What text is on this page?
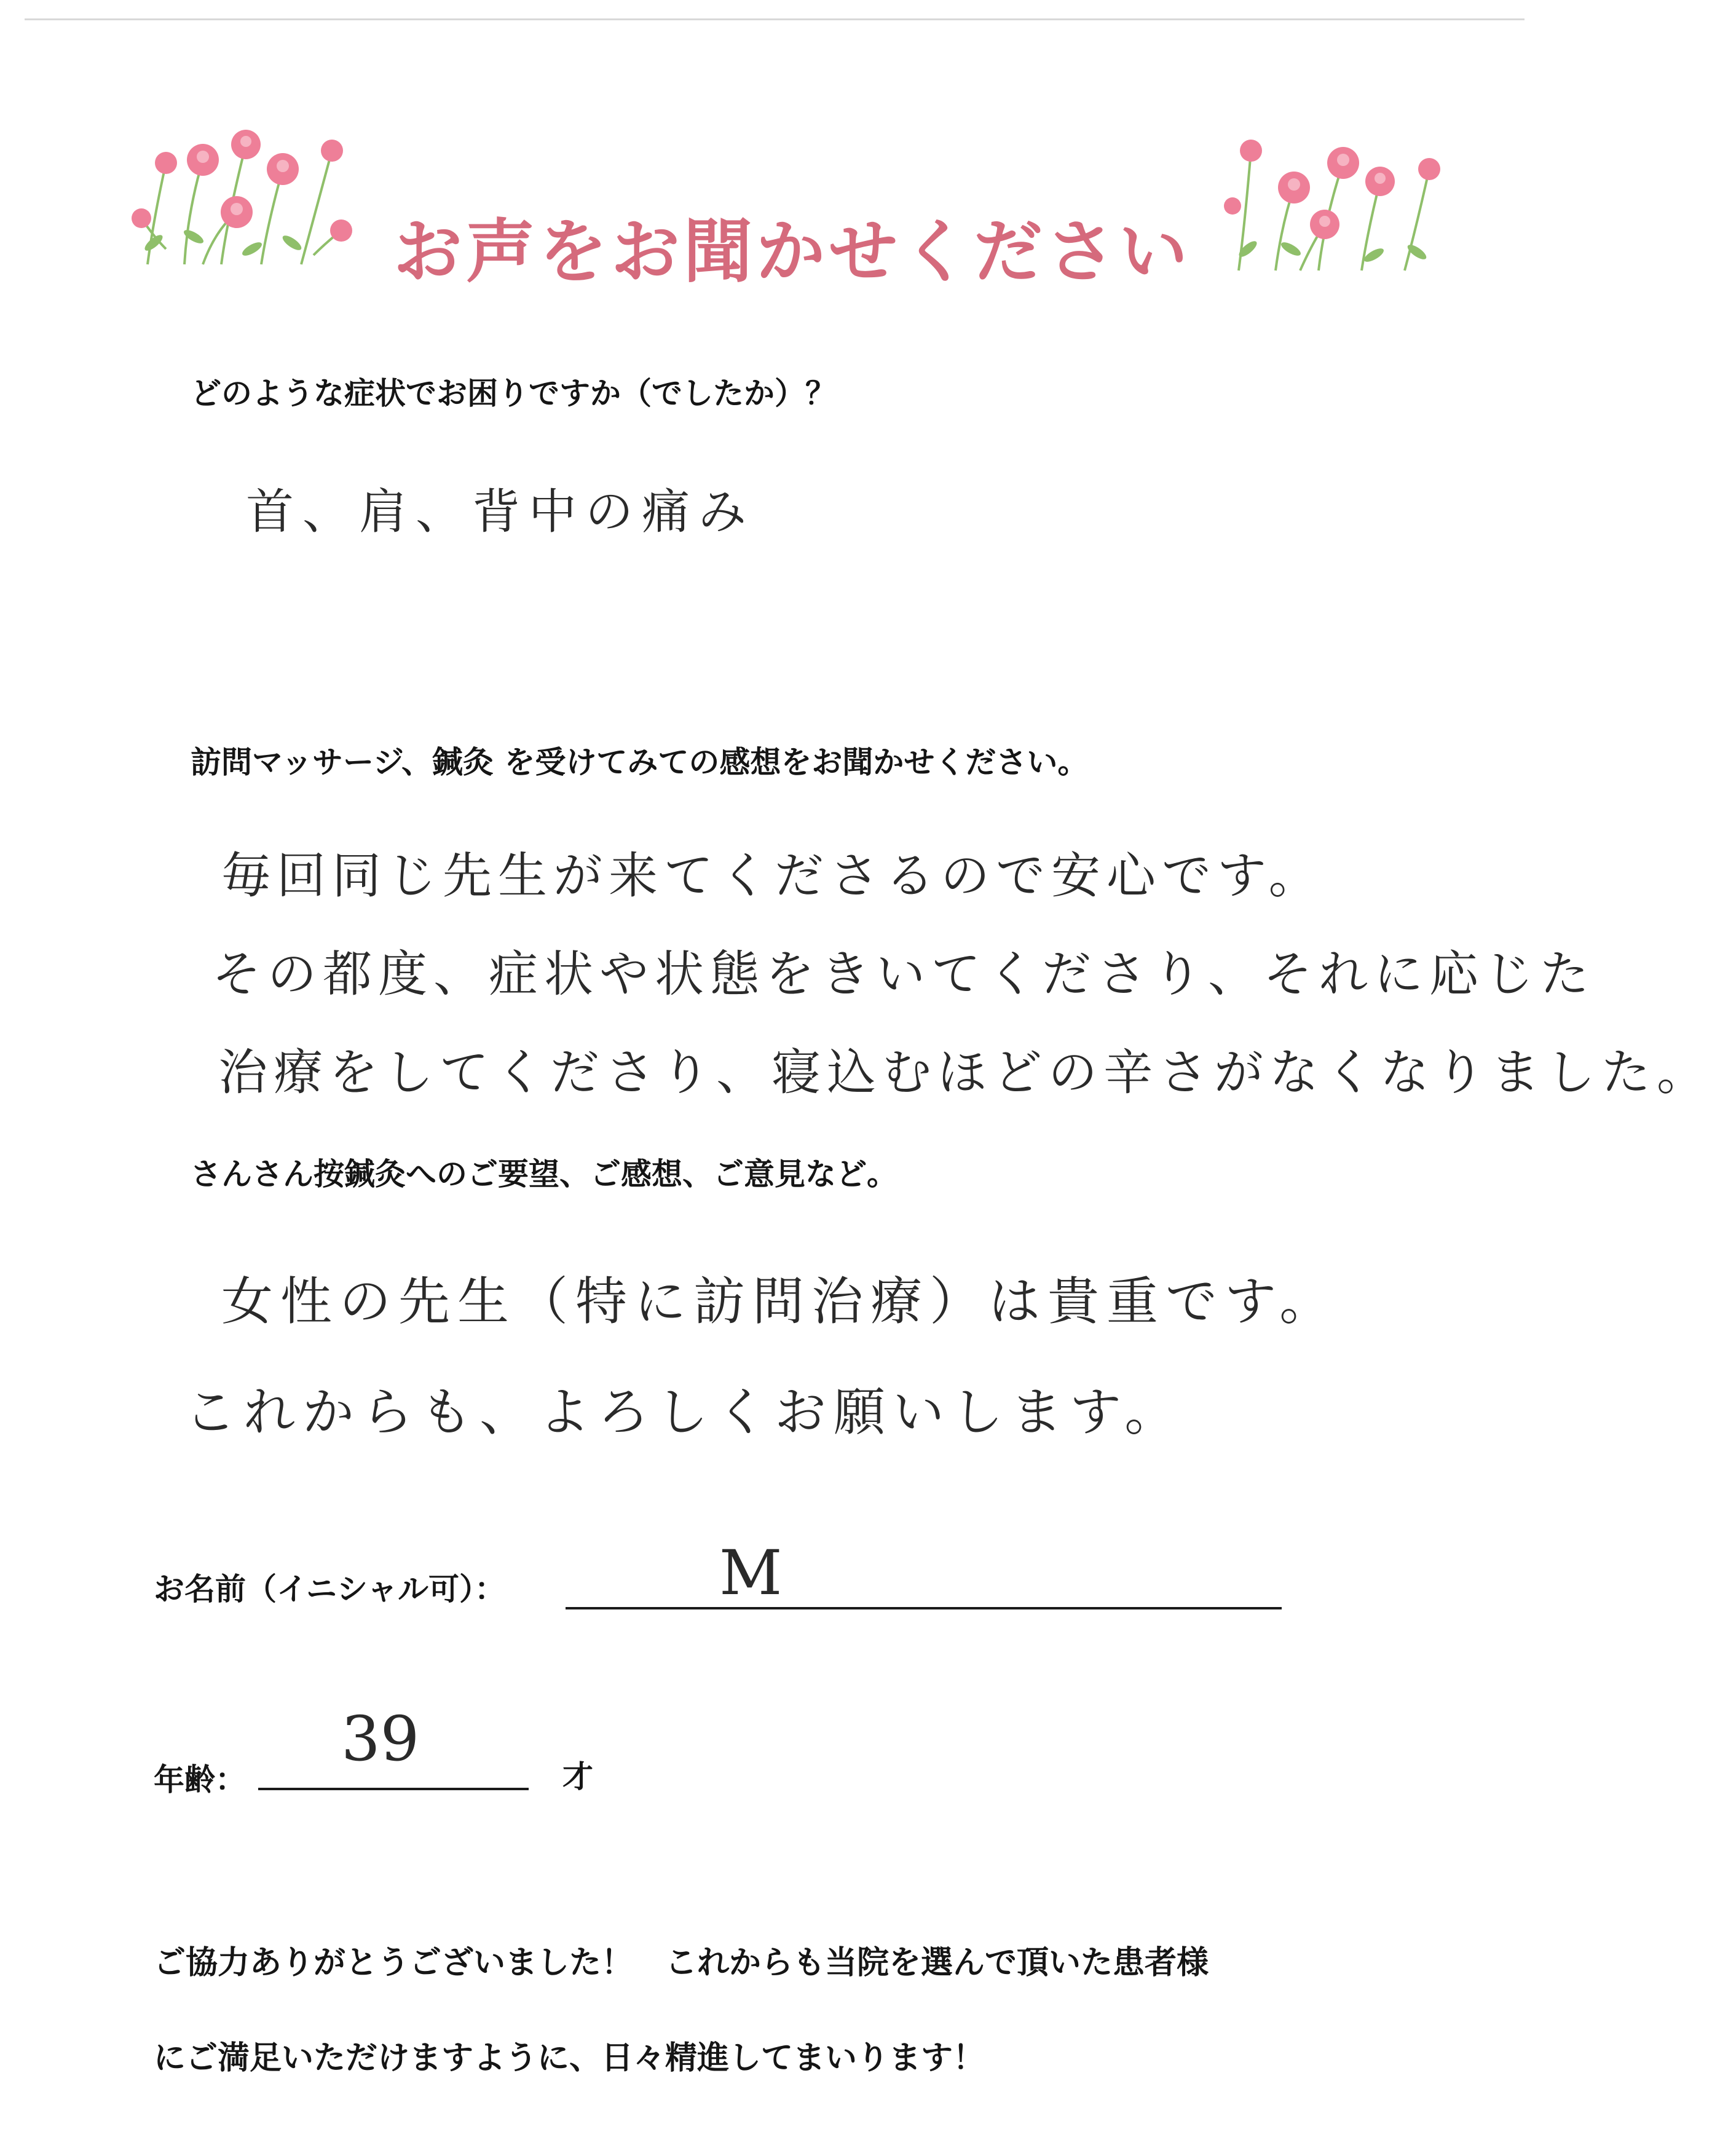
お声をお聞かせください
どのような症状でお困りですか（でしたか）？
首、肩、背中の痛み
訪問マッサージ、鍼灸 を受けてみての感想をお聞かせください。
毎回同じ先生が来てくださるので安心です。
その都度、症状や状態をきいてくださり、それに応じた
治療をしてくださり、寝込むほどの辛さがなくなりました。
さんさん按鍼灸へのご要望、ご感想、ご意見など。
女性の先生（特に訪問治療）は貴重です。
これからも、よろしくお願いします。
お名前（イニシャル可）：	M
年齢：
39
才
ご協力ありがとうございました！　これからも当院を選んで頂いた患者様
にご満足いただけますように、日々精進してまいります！
